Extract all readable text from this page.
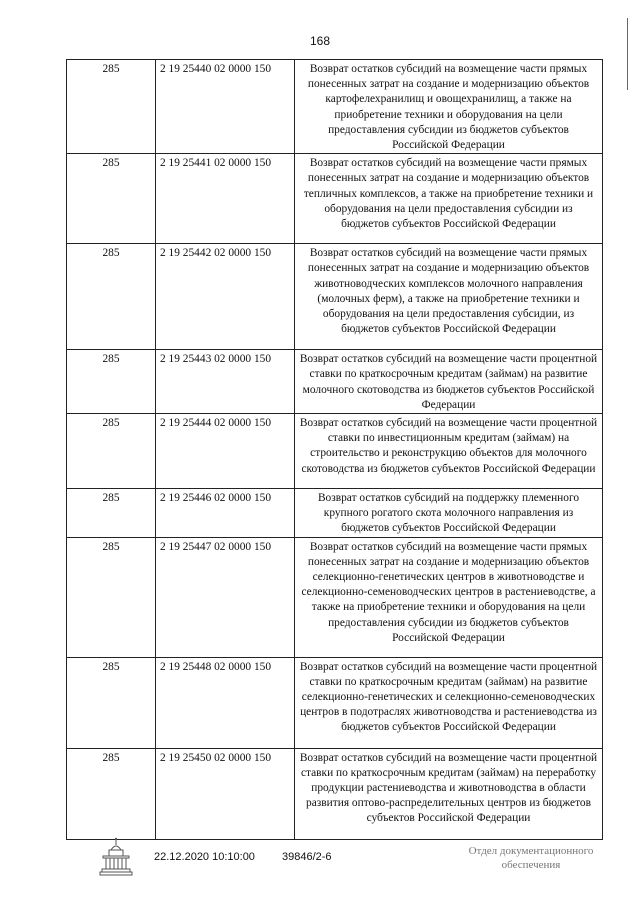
168
285	2 19 25440 02 0000 150	Возврат остатков субсидий на возмещение части прямых понесенных затрат на создание и модернизацию объектов картофелехранилищ и овощехранилищ, а также на приобретение техники и оборудования на цели предоставления субсидии из бюджетов субъектов Российской Федерации
285	2 19 25441 02 0000 150	Возврат остатков субсидий на возмещение части прямых понесенных затрат на создание и модернизацию объектов тепличных комплексов, а также на приобретение техники и оборудования на цели предоставления субсидии из бюджетов субъектов Российской Федерации
285	2 19 25442 02 0000 150	Возврат остатков субсидий на возмещение части прямых понесенных затрат на создание и модернизацию объектов животноводческих комплексов молочного направления (молочных ферм), а также на приобретение техники и оборудования на цели предоставления субсидии, из бюджетов субъектов Российской Федерации
285	2 19 25443 02 0000 150	Возврат остатков субсидий на возмещение части процентной ставки по краткосрочным кредитам (займам) на развитие молочного скотоводства из бюджетов субъектов Российской Федерации
285	2 19 25444 02 0000 150	Возврат остатков субсидий на возмещение части процентной ставки по инвестиционным кредитам (займам) на строительство и реконструкцию объектов для молочного скотоводства из бюджетов субъектов Российской Федерации
285	2 19 25446 02 0000 150	Возврат остатков субсидий на поддержку племенного крупного рогатого скота молочного направления из бюджетов субъектов Российской Федерации
285	2 19 25447 02 0000 150	Возврат остатков субсидий на возмещение части прямых понесенных затрат на создание и модернизацию объектов селекционно-генетических центров в животноводстве и селекционно-семеноводческих центров в растениеводстве, а также на приобретение техники и оборудования на цели предоставления субсидии из бюджетов субъектов Российской Федерации
285	2 19 25448 02 0000 150	Возврат остатков субсидий на возмещение части процентной ставки по краткосрочным кредитам (займам) на развитие селекционно-генетических и селекционно-семеноводческих центров в подотраслях животноводства и растениеводства из бюджетов субъектов Российской Федерации
285	2 19 25450 02 0000 150	Возврат остатков субсидий на возмещение части процентной ставки по краткосрочным кредитам (займам) на переработку продукции растениеводства и животноводства в области развития оптово-распределительных центров из бюджетов субъектов Российской Федерации
22.12.2020 10:10:00 39846/2-6	Отдел документационного
обеспечения
